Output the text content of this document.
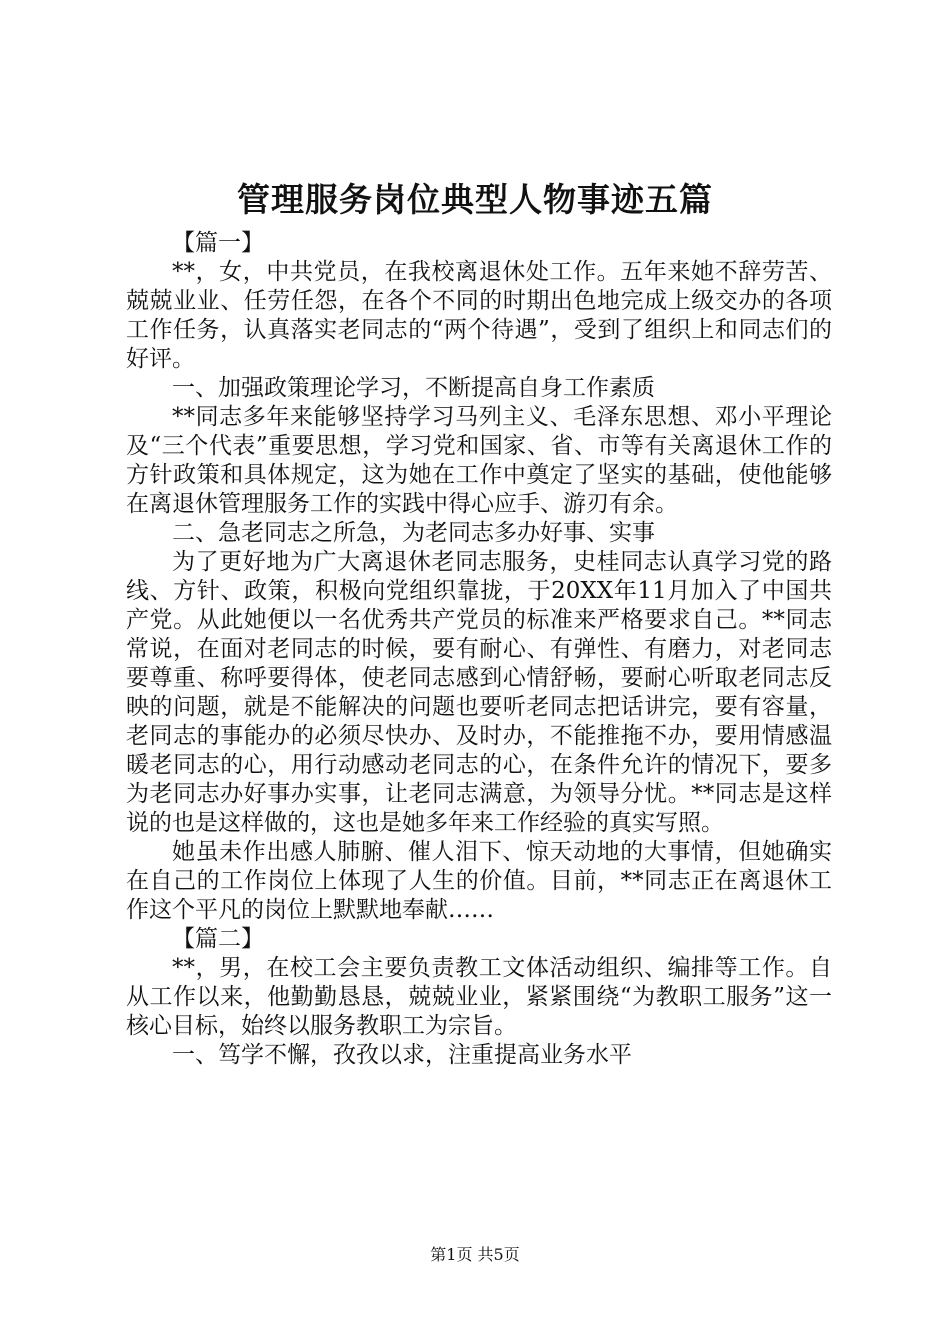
管理服务岗位典型人物事迹五篇

【篇一】

**，女，中共党员，在我校离退休处工作。五年来她不辞劳苦、兢兢业业、任劳任怨，在各个不同的时期出色地完成上级交办的各项工作任务，认真落实老同志的“两个待遇”，受到了组织上和同志们的好评。

一、加强政策理论学习，不断提高自身工作素质

**同志多年来能够坚持学习马列主义、毛泽东思想、邓小平理论及“三个代表”重要思想，学习党和国家、省、市等有关离退休工作的方针政策和具体规定，这为她在工作中奠定了坚实的基础，使他能够在离退休管理服务工作的实践中得心应手、游刃有余。

二、急老同志之所急，为老同志多办好事、实事

为了更好地为广大离退休老同志服务，史桂同志认真学习党的路线、方针、政策，积极向党组织靠拢，于20XX年11月加入了中国共产党。从此她便以一名优秀共产党员的标准来严格要求自己。**同志常说，在面对老同志的时候，要有耐心、有弹性、有磨力，对老同志要尊重、称呼要得体，使老同志感到心情舒畅，要耐心听取老同志反映的问题，就是不能解决的问题也要听老同志把话讲完，要有容量，老同志的事能办的必须尽快办、及时办，不能推拖不办，要用情感温暖老同志的心，用行动感动老同志的心，在条件允许的情况下，要多为老同志办好事办实事，让老同志满意，为领导分忧。**同志是这样说的也是这样做的，这也是她多年来工作经验的真实写照。

她虽未作出感人肺腑、催人泪下、惊天动地的大事情，但她确实在自己的工作岗位上体现了人生的价值。目前，**同志正在离退休工作这个平凡的岗位上默默地奉献……

【篇二】

**，男，在校工会主要负责教工文体活动组织、编排等工作。自从工作以来，他勤勤恳恳，兢兢业业，紧紧围绕“为教职工服务”这一核心目标，始终以服务教职工为宗旨。

一、笃学不懈，孜孜以求，注重提高业务水平

第1页 共5页
